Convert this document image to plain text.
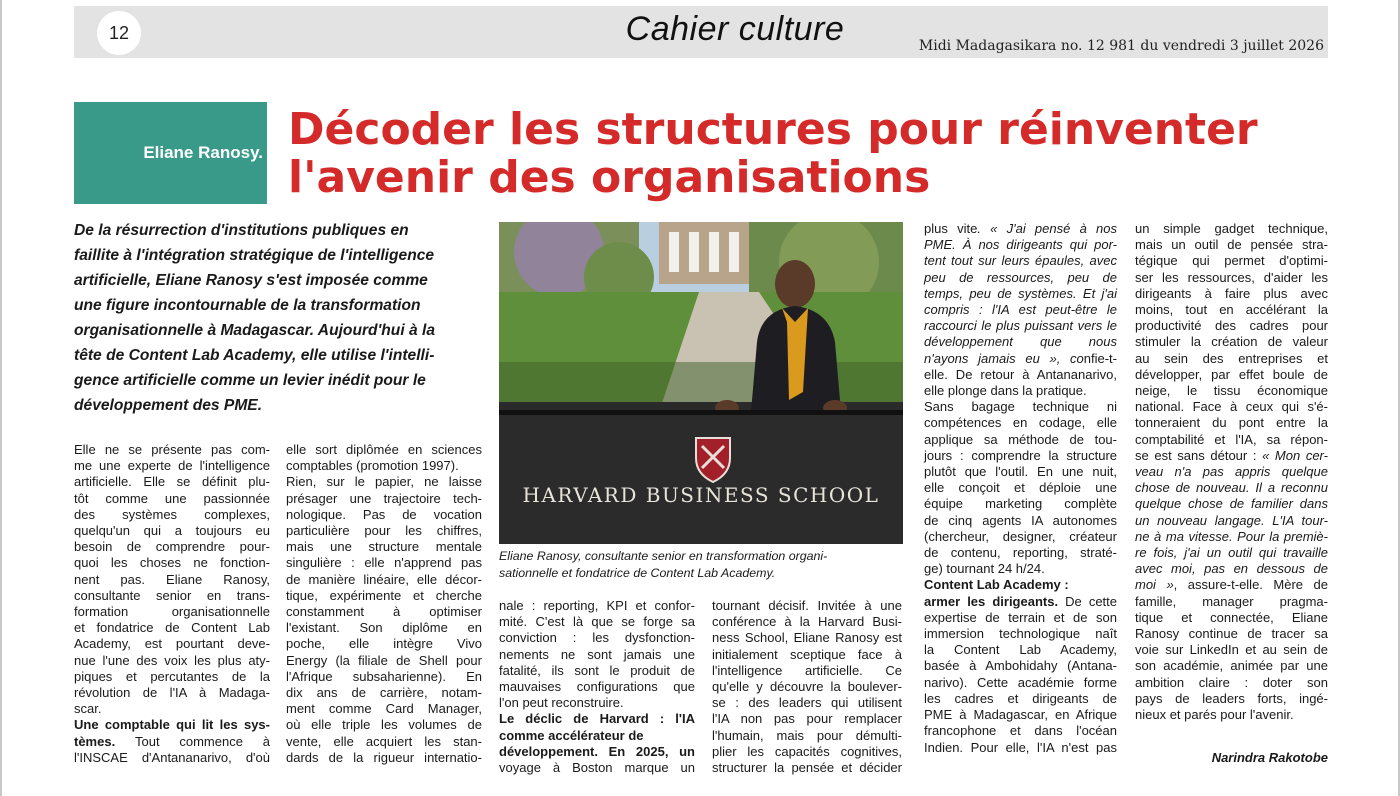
12	Cahier culture	Midi Madagasikara no. 12 981 du vendredi 3 juillet 2026
Eliane Ranosy. Décoder les structures pour réinventer
l'avenir des organisations

De la résurrection d'institutions publiques en
faillite à l'intégration stratégique de l'intelligence
artificielle, Eliane Ranosy s'est imposée comme
une figure incontournable de la transformation
organisationnelle à Madagascar. Aujourd'hui à la
tête de Content Lab Academy, elle utilise l'intelli-
gence artificielle comme un levier inédit pour le
développement des PME.

HARVARD BUSINESS SCHOOL

Eliane Ranosy, consultante senior en transformation organi-
sationnelle et fondatrice de Content Lab Academy.

Elle ne se présente pas com-
me une experte de l'intelligence
artificielle. Elle se définit plu-
tôt comme une passionnée
des systèmes complexes,
quelqu'un qui a toujours eu
besoin de comprendre pour-
quoi les choses ne fonction-
nent pas. Eliane Ranosy,
consultante senior en trans-
formation organisationnelle
et fondatrice de Content Lab
Academy, est pourtant deve-
nue l'une des voix les plus aty-
piques et percutantes de la
révolution de l'IA à Madaga-
scar.
Une comptable qui lit les sys-
tèmes. Tout commence à
l'INSCAE d'Antananarivo, d'où
elle sort diplômée en sciences
comptables (promotion 1997).
Rien, sur le papier, ne laisse
présager une trajectoire tech-
nologique. Pas de vocation
particulière pour les chiffres,
mais une structure mentale
singulière : elle n'apprend pas
de manière linéaire, elle décor-
tique, expérimente et cherche
constamment à optimiser
l'existant. Son diplôme en
poche, elle intègre Vivo
Energy (la filiale de Shell pour
l'Afrique subsaharienne). En
dix ans de carrière, notam-
ment comme Card Manager,
où elle triple les volumes de
vente, elle acquiert les stan-
dards de la rigueur internatio-
nale : reporting, KPI et confor-
mité. C'est là que se forge sa
conviction : les dysfonction-
nements ne sont jamais une
fatalité, ils sont le produit de
mauvaises configurations que
l'on peut reconstruire.
Le déclic de Harvard : l'IA
comme accélérateur de
développement. En 2025, un
voyage à Boston marque un
tournant décisif. Invitée à une
conférence à la Harvard Busi-
ness School, Eliane Ranosy est
initialement sceptique face à
l'intelligence artificielle. Ce
qu'elle y découvre la boulever-
se : des leaders qui utilisent
l'IA non pas pour remplacer
l'humain, mais pour démulti-
plier les capacités cognitives,
structurer la pensée et décider
plus vite. « J'ai pensé à nos
PME. À nos dirigeants qui por-
tent tout sur leurs épaules, avec
peu de ressources, peu de
temps, peu de systèmes. Et j'ai
compris : l'IA est peut-être le
raccourci le plus puissant vers le
développement que nous
n'ayons jamais eu », confie-t-
elle. De retour à Antananarivo,
elle plonge dans la pratique.
Sans bagage technique ni
compétences en codage, elle
applique sa méthode de tou-
jours : comprendre la structure
plutôt que l'outil. En une nuit,
elle conçoit et déploie une
équipe marketing complète
de cinq agents IA autonomes
(chercheur, designer, créateur
de contenu, reporting, straté-
ge) tournant 24 h/24.
Content Lab Academy :
armer les dirigeants. De cette
expertise de terrain et de son
immersion technologique naît
la Content Lab Academy,
basée à Ambohidahy (Antana-
narivo). Cette académie forme
les cadres et dirigeants de
PME à Madagascar, en Afrique
francophone et dans l'océan
Indien. Pour elle, l'IA n'est pas
un simple gadget technique,
mais un outil de pensée stra-
tégique qui permet d'optimi-
ser les ressources, d'aider les
dirigeants à faire plus avec
moins, tout en accélérant la
productivité des cadres pour
stimuler la création de valeur
au sein des entreprises et
développer, par effet boule de
neige, le tissu économique
national. Face à ceux qui s'é-
tonneraient du pont entre la
comptabilité et l'IA, sa répon-
se est sans détour : « Mon cer-
veau n'a pas appris quelque
chose de nouveau. Il a reconnu
quelque chose de familier dans
un nouveau langage. L'IA tour-
ne à ma vitesse. Pour la premiè-
re fois, j'ai un outil qui travaille
avec moi, pas en dessous de
moi », assure-t-elle. Mère de
famille, manager pragma-
tique et connectée, Eliane
Ranosy continue de tracer sa
voie sur LinkedIn et au sein de
son académie, animée par une
ambition claire : doter son
pays de leaders forts, ingé-
nieux et parés pour l'avenir.
Narindra Rakotobe
